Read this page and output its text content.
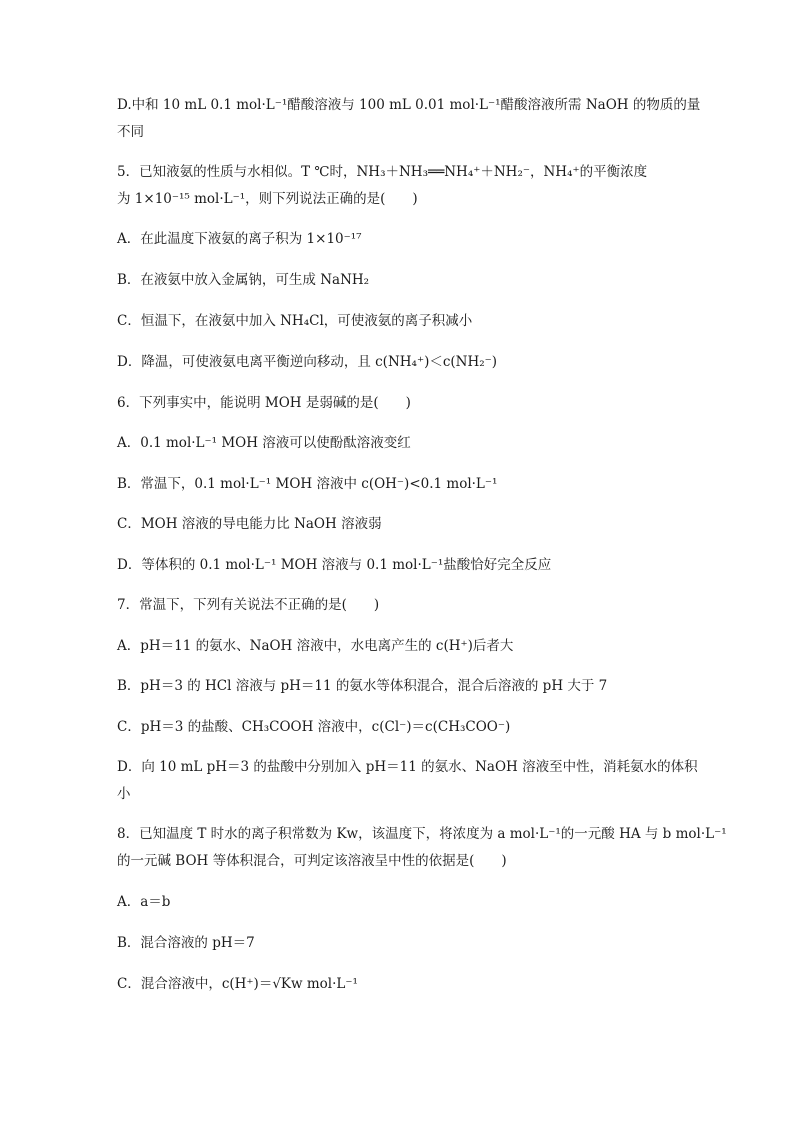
D.中和 10 mL 0.1 mol·L⁻¹醋酸溶液与 100 mL 0.01 mol·L⁻¹醋酸溶液所需 NaOH 的物质的量
不同
5．已知液氨的性质与水相似。T ℃时，NH₃＋NH₃══NH₄⁺＋NH₂⁻，NH₄⁺的平衡浓度
为 1×10⁻¹⁵ mol·L⁻¹，则下列说法正确的是(　　)
A．在此温度下液氨的离子积为 1×10⁻¹⁷
B．在液氨中放入金属钠，可生成 NaNH₂
C．恒温下，在液氨中加入 NH₄Cl，可使液氨的离子积减小
D．降温，可使液氨电离平衡逆向移动，且 c(NH₄⁺)＜c(NH₂⁻)
6．下列事实中，能说明 MOH 是弱碱的是(　　)
A．0.1 mol·L⁻¹ MOH 溶液可以使酚酞溶液变红
B．常温下，0.1 mol·L⁻¹ MOH 溶液中 c(OH⁻)<0.1 mol·L⁻¹
C．MOH 溶液的导电能力比 NaOH 溶液弱
D．等体积的 0.1 mol·L⁻¹ MOH 溶液与 0.1 mol·L⁻¹盐酸恰好完全反应
7．常温下，下列有关说法不正确的是(　　)
A．pH＝11 的氨水、NaOH 溶液中，水电离产生的 c(H⁺)后者大
B．pH＝3 的 HCl 溶液与 pH＝11 的氨水等体积混合，混合后溶液的 pH 大于 7
C．pH＝3 的盐酸、CH₃COOH 溶液中，c(Cl⁻)＝c(CH₃COO⁻)
D．向 10 mL pH＝3 的盐酸中分别加入 pH＝11 的氨水、NaOH 溶液至中性，消耗氨水的体积
小
8．已知温度 T 时水的离子积常数为 Kw，该温度下，将浓度为 a mol·L⁻¹的一元酸 HA 与 b mol·L⁻¹
的一元碱 BOH 等体积混合，可判定该溶液呈中性的依据是(　　)
A．a＝b
B．混合溶液的 pH＝7
C．混合溶液中，c(H⁺)＝√Kw mol·L⁻¹
